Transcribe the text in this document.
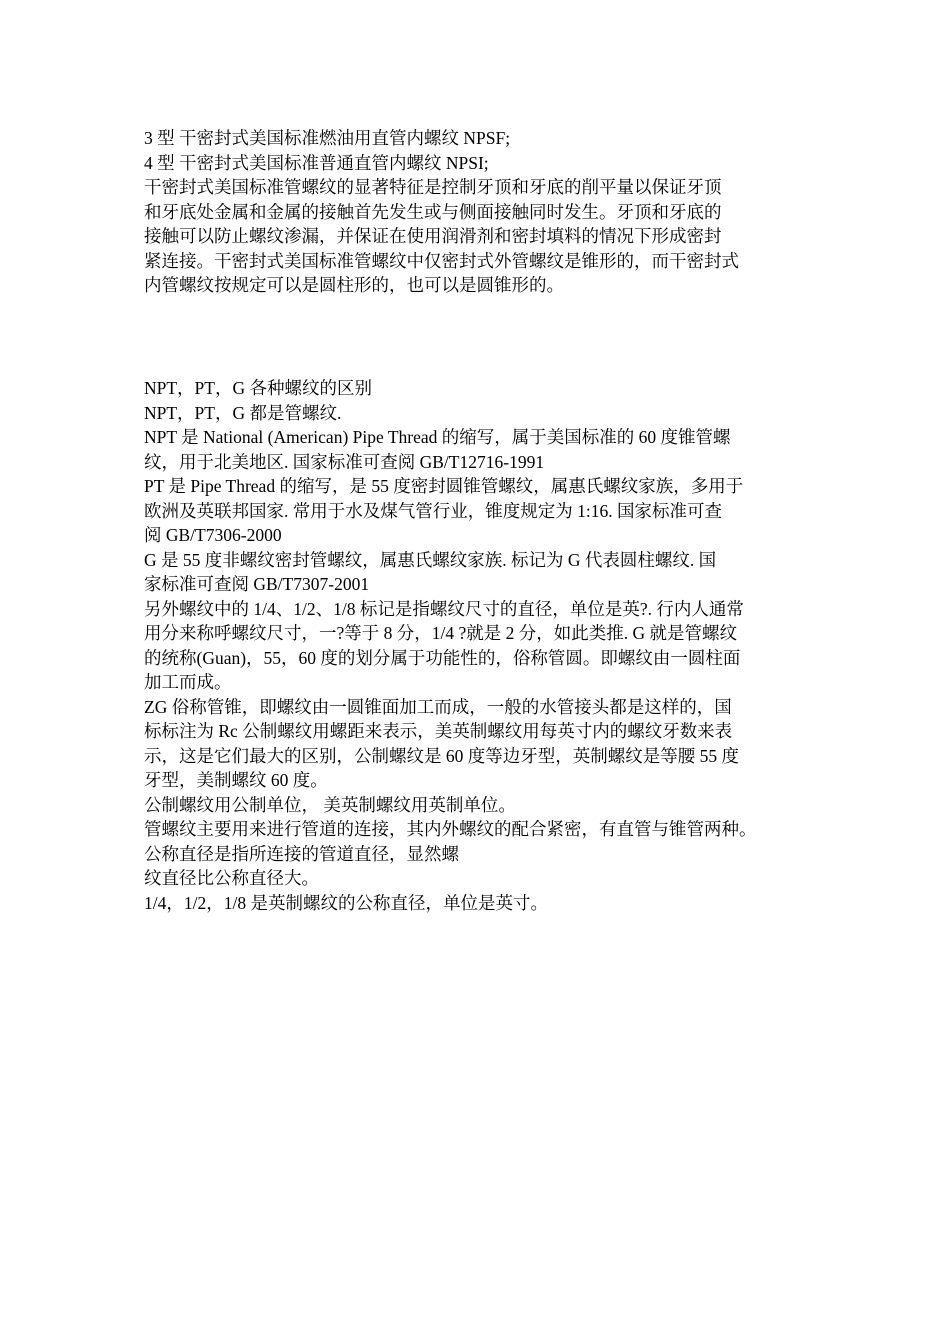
3 型 干密封式美国标准燃油用直管内螺纹 NPSF;

4 型 干密封式美国标准普通直管内螺纹 NPSI;

干密封式美国标准管螺纹的显著特征是控制牙顶和牙底的削平量以保证牙顶
和牙底处金属和金属的接触首先发生或与侧面接触同时发生。牙顶和牙底的
接触可以防止螺纹渗漏，并保证在使用润滑剂和密封填料的情况下形成密封
紧连接。干密封式美国标准管螺纹中仅密封式外管螺纹是锥形的，而干密封式
内管螺纹按规定可以是圆柱形的，也可以是圆锥形的。

NPT，PT，G 各种螺纹的区别

NPT，PT，G 都是管螺纹.

NPT 是 National (American) Pipe Thread 的缩写，属于美国标准的 60 度锥管螺
纹，用于北美地区. 国家标准可查阅 GB/T12716-1991

PT 是 Pipe Thread 的缩写，是 55 度密封圆锥管螺纹，属惠氏螺纹家族，多用于
欧洲及英联邦国家. 常用于水及煤气管行业，锥度规定为 1:16. 国家标准可查
阅 GB/T7306-2000

G 是 55 度非螺纹密封管螺纹，属惠氏螺纹家族. 标记为 G 代表圆柱螺纹. 国
家标准可查阅 GB/T7307-2001

另外螺纹中的 1/4、1/2、1/8 标记是指螺纹尺寸的直径，单位是英?. 行内人通常
用分来称呼螺纹尺寸，一?等于 8 分，1/4 ?就是 2 分，如此类推. G 就是管螺纹
的统称(Guan)，55，60 度的划分属于功能性的，俗称管圆。即螺纹由一圆柱面
加工而成。

ZG 俗称管锥，即螺纹由一圆锥面加工而成，一般的水管接头都是这样的，国
标标注为 Rc 公制螺纹用螺距来表示，美英制螺纹用每英寸内的螺纹牙数来表
示，这是它们最大的区别，公制螺纹是 60 度等边牙型，英制螺纹是等腰 55 度
牙型，美制螺纹 60 度。

公制螺纹用公制单位， 美英制螺纹用英制单位。

管螺纹主要用来进行管道的连接，其内外螺纹的配合紧密，有直管与锥管两种。

公称直径是指所连接的管道直径，显然螺

纹直径比公称直径大。

1/4，1/2，1/8 是英制螺纹的公称直径，单位是英寸。
